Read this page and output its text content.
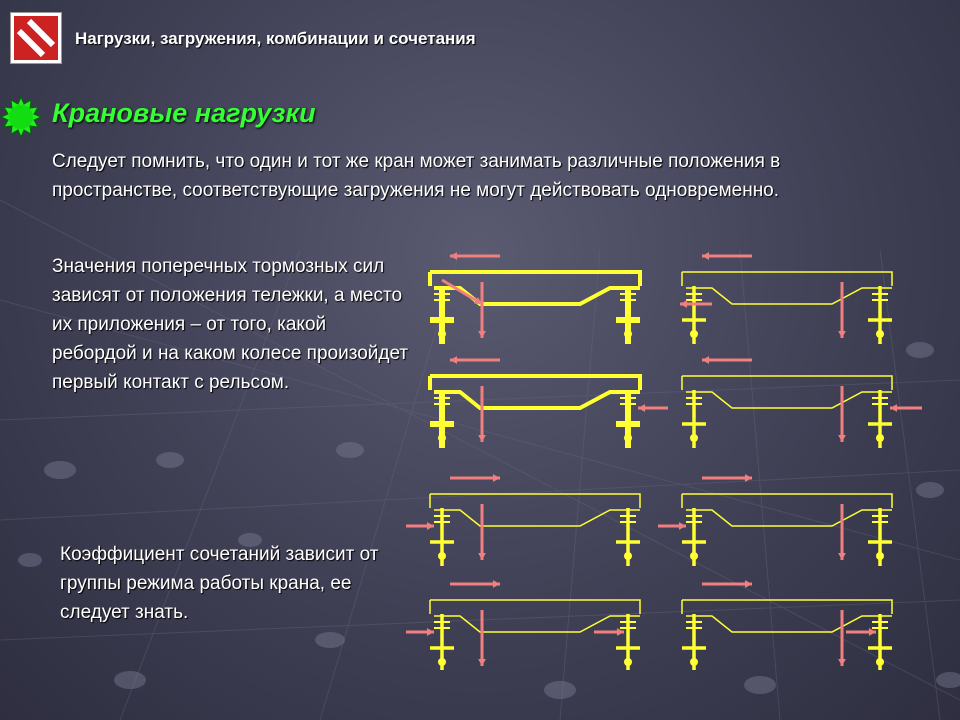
Нагрузки, загружения, комбинации и сочетания
Крановые нагрузки
Следует помнить, что один и тот же кран может занимать различные положения в пространстве, соответствующие загружения не могут действовать одновременно.
Значения поперечных тормозных сил зависят от положения тележки, а место их приложения – от того, какой ребордой и на каком колесе произойдет первый контакт с рельсом.
Коэффициент сочетаний зависит от группы режима работы крана, ее следует знать.
